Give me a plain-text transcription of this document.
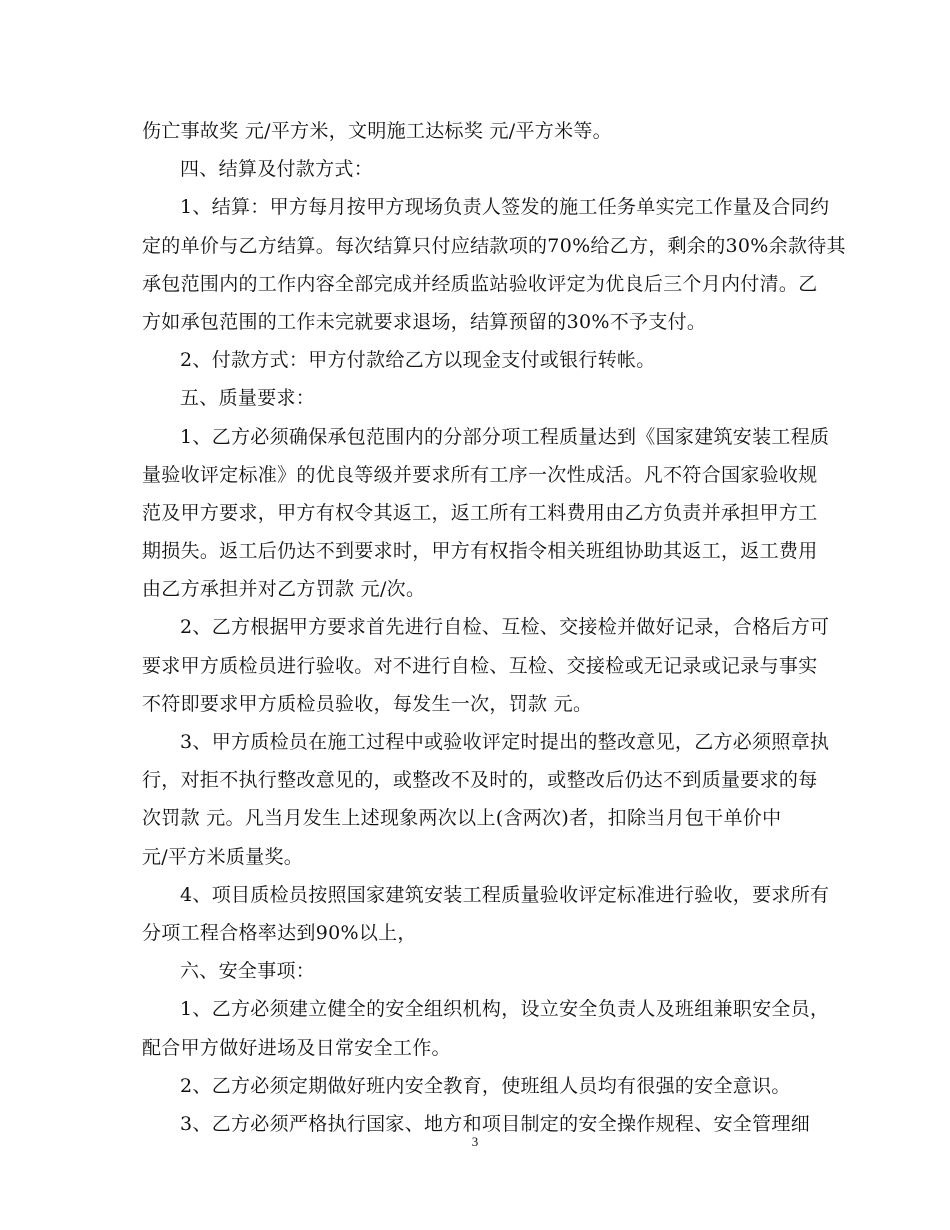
伤亡事故奖 元/平方米，文明施工达标奖 元/平方米等。
四、结算及付款方式：
1、结算：甲方每月按甲方现场负责人签发的施工任务单实完工作量及合同约
定的单价与乙方结算。每次结算只付应结款项的70%给乙方，剩余的30%余款待其
承包范围内的工作内容全部完成并经质监站验收评定为优良后三个月内付清。乙
方如承包范围的工作未完就要求退场，结算预留的30%不予支付。
2、付款方式：甲方付款给乙方以现金支付或银行转帐。
五、质量要求：
1、乙方必须确保承包范围内的分部分项工程质量达到《国家建筑安装工程质
量验收评定标准》的优良等级并要求所有工序一次性成活。凡不符合国家验收规
范及甲方要求，甲方有权令其返工，返工所有工料费用由乙方负责并承担甲方工
期损失。返工后仍达不到要求时，甲方有权指令相关班组协助其返工，返工费用
由乙方承担并对乙方罚款 元/次。
2、乙方根据甲方要求首先进行自检、互检、交接检并做好记录，合格后方可
要求甲方质检员进行验收。对不进行自检、互检、交接检或无记录或记录与事实
不符即要求甲方质检员验收，每发生一次，罚款 元。
3、甲方质检员在施工过程中或验收评定时提出的整改意见，乙方必须照章执
行，对拒不执行整改意见的，或整改不及时的，或整改后仍达不到质量要求的每
次罚款 元。凡当月发生上述现象两次以上(含两次)者，扣除当月包干单价中
元/平方米质量奖。
4、项目质检员按照国家建筑安装工程质量验收评定标准进行验收，要求所有
分项工程合格率达到90%以上，
六、安全事项：
1、乙方必须建立健全的安全组织机构，设立安全负责人及班组兼职安全员，
配合甲方做好进场及日常安全工作。
2、乙方必须定期做好班内安全教育，使班组人员均有很强的安全意识。
3、乙方必须严格执行国家、地方和项目制定的安全操作规程、安全管理细
3
